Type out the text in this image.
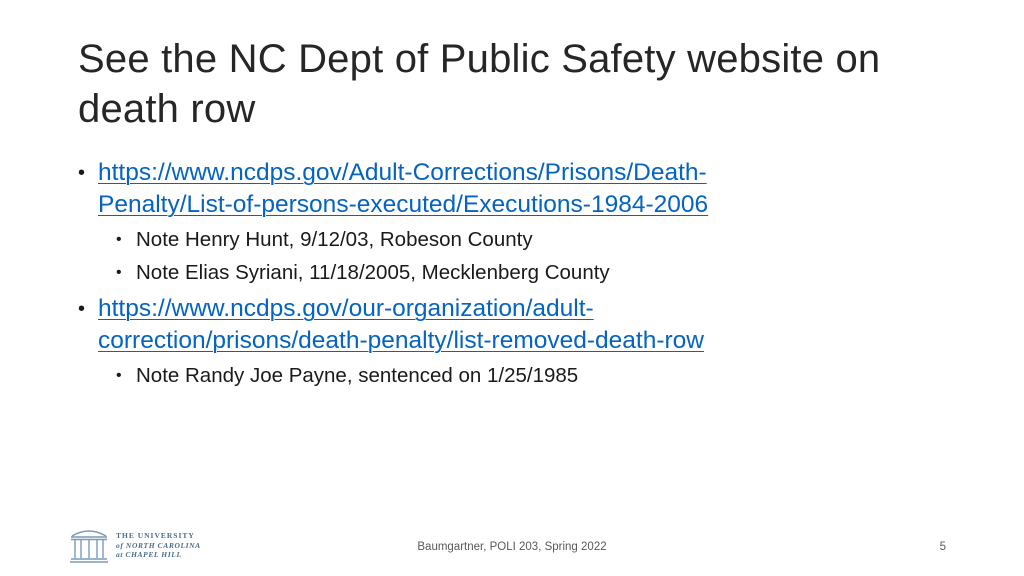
See the NC Dept of Public Safety website on death row
• https://www.ncdps.gov/Adult-Corrections/Prisons/Death-
Penalty/List-of-persons-executed/Executions-1984-2006
• Note Henry Hunt, 9/12/03, Robeson County
• Note Elias Syriani, 11/18/2005, Mecklenberg County
• https://www.ncdps.gov/our-organization/adult-
correction/prisons/death-penalty/list-removed-death-row
• Note Randy Joe Payne, sentenced on 1/25/1985
THE UNIVERSITY
of NORTH CAROLINA
at CHAPEL HILL
Baumgartner, POLI 203, Spring 2022	5
